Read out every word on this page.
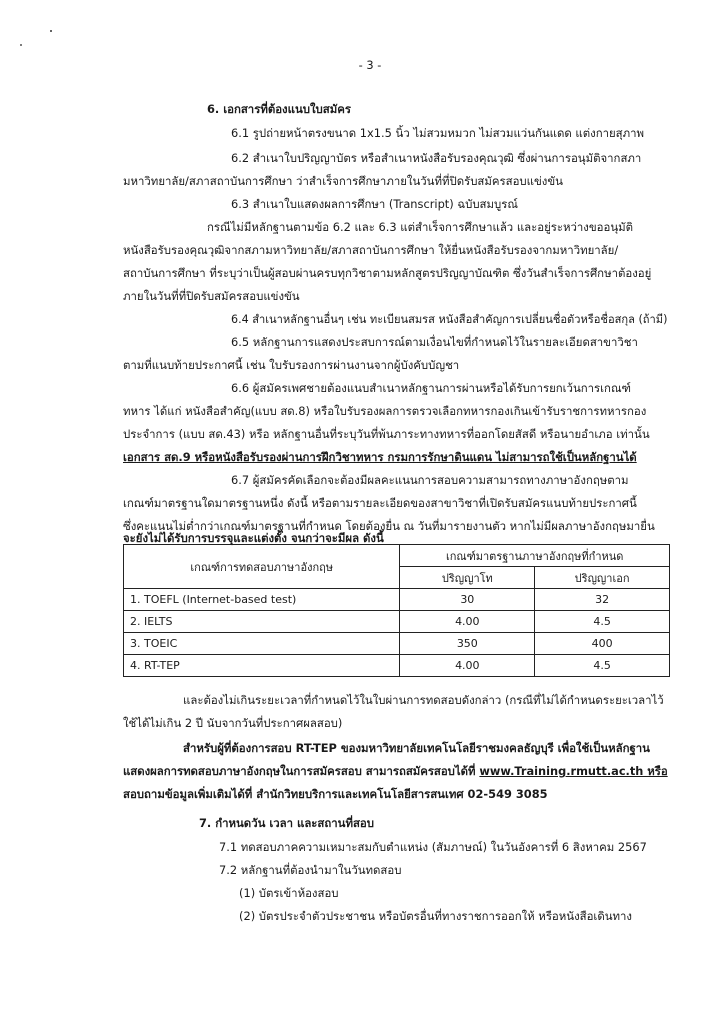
- 3 -
6. เอกสารที่ต้องแนบใบสมัคร
6.1 รูปถ่ายหน้าตรงขนาด 1x1.5 นิ้ว ไม่สวมหมวก ไม่สวมแว่นกันแดด แต่งกายสุภาพ
6.2 สำเนาใบปริญญาบัตร หรือสำเนาหนังสือรับรองคุณวุฒิ ซึ่งผ่านการอนุมัติจากสภา
มหาวิทยาลัย/สภาสถาบันการศึกษา ว่าสำเร็จการศึกษาภายในวันที่ที่ปิดรับสมัครสอบแข่งขัน
6.3 สำเนาใบแสดงผลการศึกษา (Transcript) ฉบับสมบูรณ์
กรณีไม่มีหลักฐานตามข้อ 6.2 และ 6.3 แต่สำเร็จการศึกษาแล้ว และอยู่ระหว่างขออนุมัติ
หนังสือรับรองคุณวุฒิจากสภามหาวิทยาลัย/สภาสถาบันการศึกษา ให้ยื่นหนังสือรับรองจากมหาวิทยาลัย/
สถาบันการศึกษา ที่ระบุว่าเป็นผู้สอบผ่านครบทุกวิชาตามหลักสูตรปริญญาบัณฑิต ซึ่งวันสำเร็จการศึกษาต้องอยู่
ภายในวันที่ที่ปิดรับสมัครสอบแข่งขัน
6.4 สำเนาหลักฐานอื่นๆ เช่น ทะเบียนสมรส หนังสือสำคัญการเปลี่ยนชื่อตัวหรือชื่อสกุล (ถ้ามี)
6.5 หลักฐานการแสดงประสบการณ์ตามเงื่อนไขที่กำหนดไว้ในรายละเอียดสาขาวิชา
ตามที่แนบท้ายประกาศนี้ เช่น ใบรับรองการผ่านงานจากผู้บังคับบัญชา
6.6 ผู้สมัครเพศชายต้องแนบสำเนาหลักฐานการผ่านหรือได้รับการยกเว้นการเกณฑ์
ทหาร ได้แก่ หนังสือสำคัญ(แบบ สด.8) หรือใบรับรองผลการตรวจเลือกทหารกองเกินเข้ารับราชการทหารกอง
ประจำการ (แบบ สด.43) หรือ หลักฐานอื่นที่ระบุวันที่พ้นภาระทางทหารที่ออกโดยสัสดี หรือนายอำเภอ เท่านั้น
เอกสาร สด.9 หรือหนังสือรับรองผ่านการฝึกวิชาทหาร กรมการรักษาดินแดน ไม่สามารถใช้เป็นหลักฐานได้
6.7 ผู้สมัครคัดเลือกจะต้องมีผลคะแนนการสอบความสามารถทางภาษาอังกฤษตาม
เกณฑ์มาตรฐานใดมาตรฐานหนึ่ง ดังนี้ หรือตามรายละเอียดของสาขาวิชาที่เปิดรับสมัครแนบท้ายประกาศนี้
ซึ่งคะแนนไม่ต่ำกว่าเกณฑ์มาตรฐานที่กำหนด โดยต้องยื่น ณ วันที่มารายงานตัว หากไม่มีผลภาษาอังกฤษมายื่น
จะยังไม่ได้รับการบรรจุและแต่งตั้ง จนกว่าจะมีผล ดังนี้
เกณฑ์การทดสอบภาษาอังกฤษ	เกณฑ์มาตรฐานภาษาอังกฤษที่กำหนด	
	ปริญญาโท	ปริญญาเอก
1. TOEFL (Internet-based test)	30	32
2. IELTS	4.00	4.5
3. TOEIC	350	400
4. RT-TEP	4.00	4.5
และต้องไม่เกินระยะเวลาที่กำหนดไว้ในใบผ่านการทดสอบดังกล่าว (กรณีที่ไม่ได้กำหนดระยะเวลาไว้
ใช้ได้ไม่เกิน 2 ปี นับจากวันที่ประกาศผลสอบ)
สำหรับผู้ที่ต้องการสอบ RT-TEP ของมหาวิทยาลัยเทคโนโลยีราชมงคลธัญบุรี เพื่อใช้เป็นหลักฐาน
แสดงผลการทดสอบภาษาอังกฤษในการสมัครสอบ สามารถสมัครสอบได้ที่ www.Training.rmutt.ac.th หรือ
สอบถามข้อมูลเพิ่มเติมได้ที่ สำนักวิทยบริการและเทคโนโลยีสารสนเทศ 02-549 3085
7. กำหนดวัน เวลา และสถานที่สอบ
7.1 ทดสอบภาคความเหมาะสมกับตำแหน่ง (สัมภาษณ์) ในวันอังคารที่ 6 สิงหาคม 2567
7.2 หลักฐานที่ต้องนำมาในวันทดสอบ
(1) บัตรเข้าห้องสอบ
(2) บัตรประจำตัวประชาชน หรือบัตรอื่นที่ทางราชการออกให้ หรือหนังสือเดินทาง
